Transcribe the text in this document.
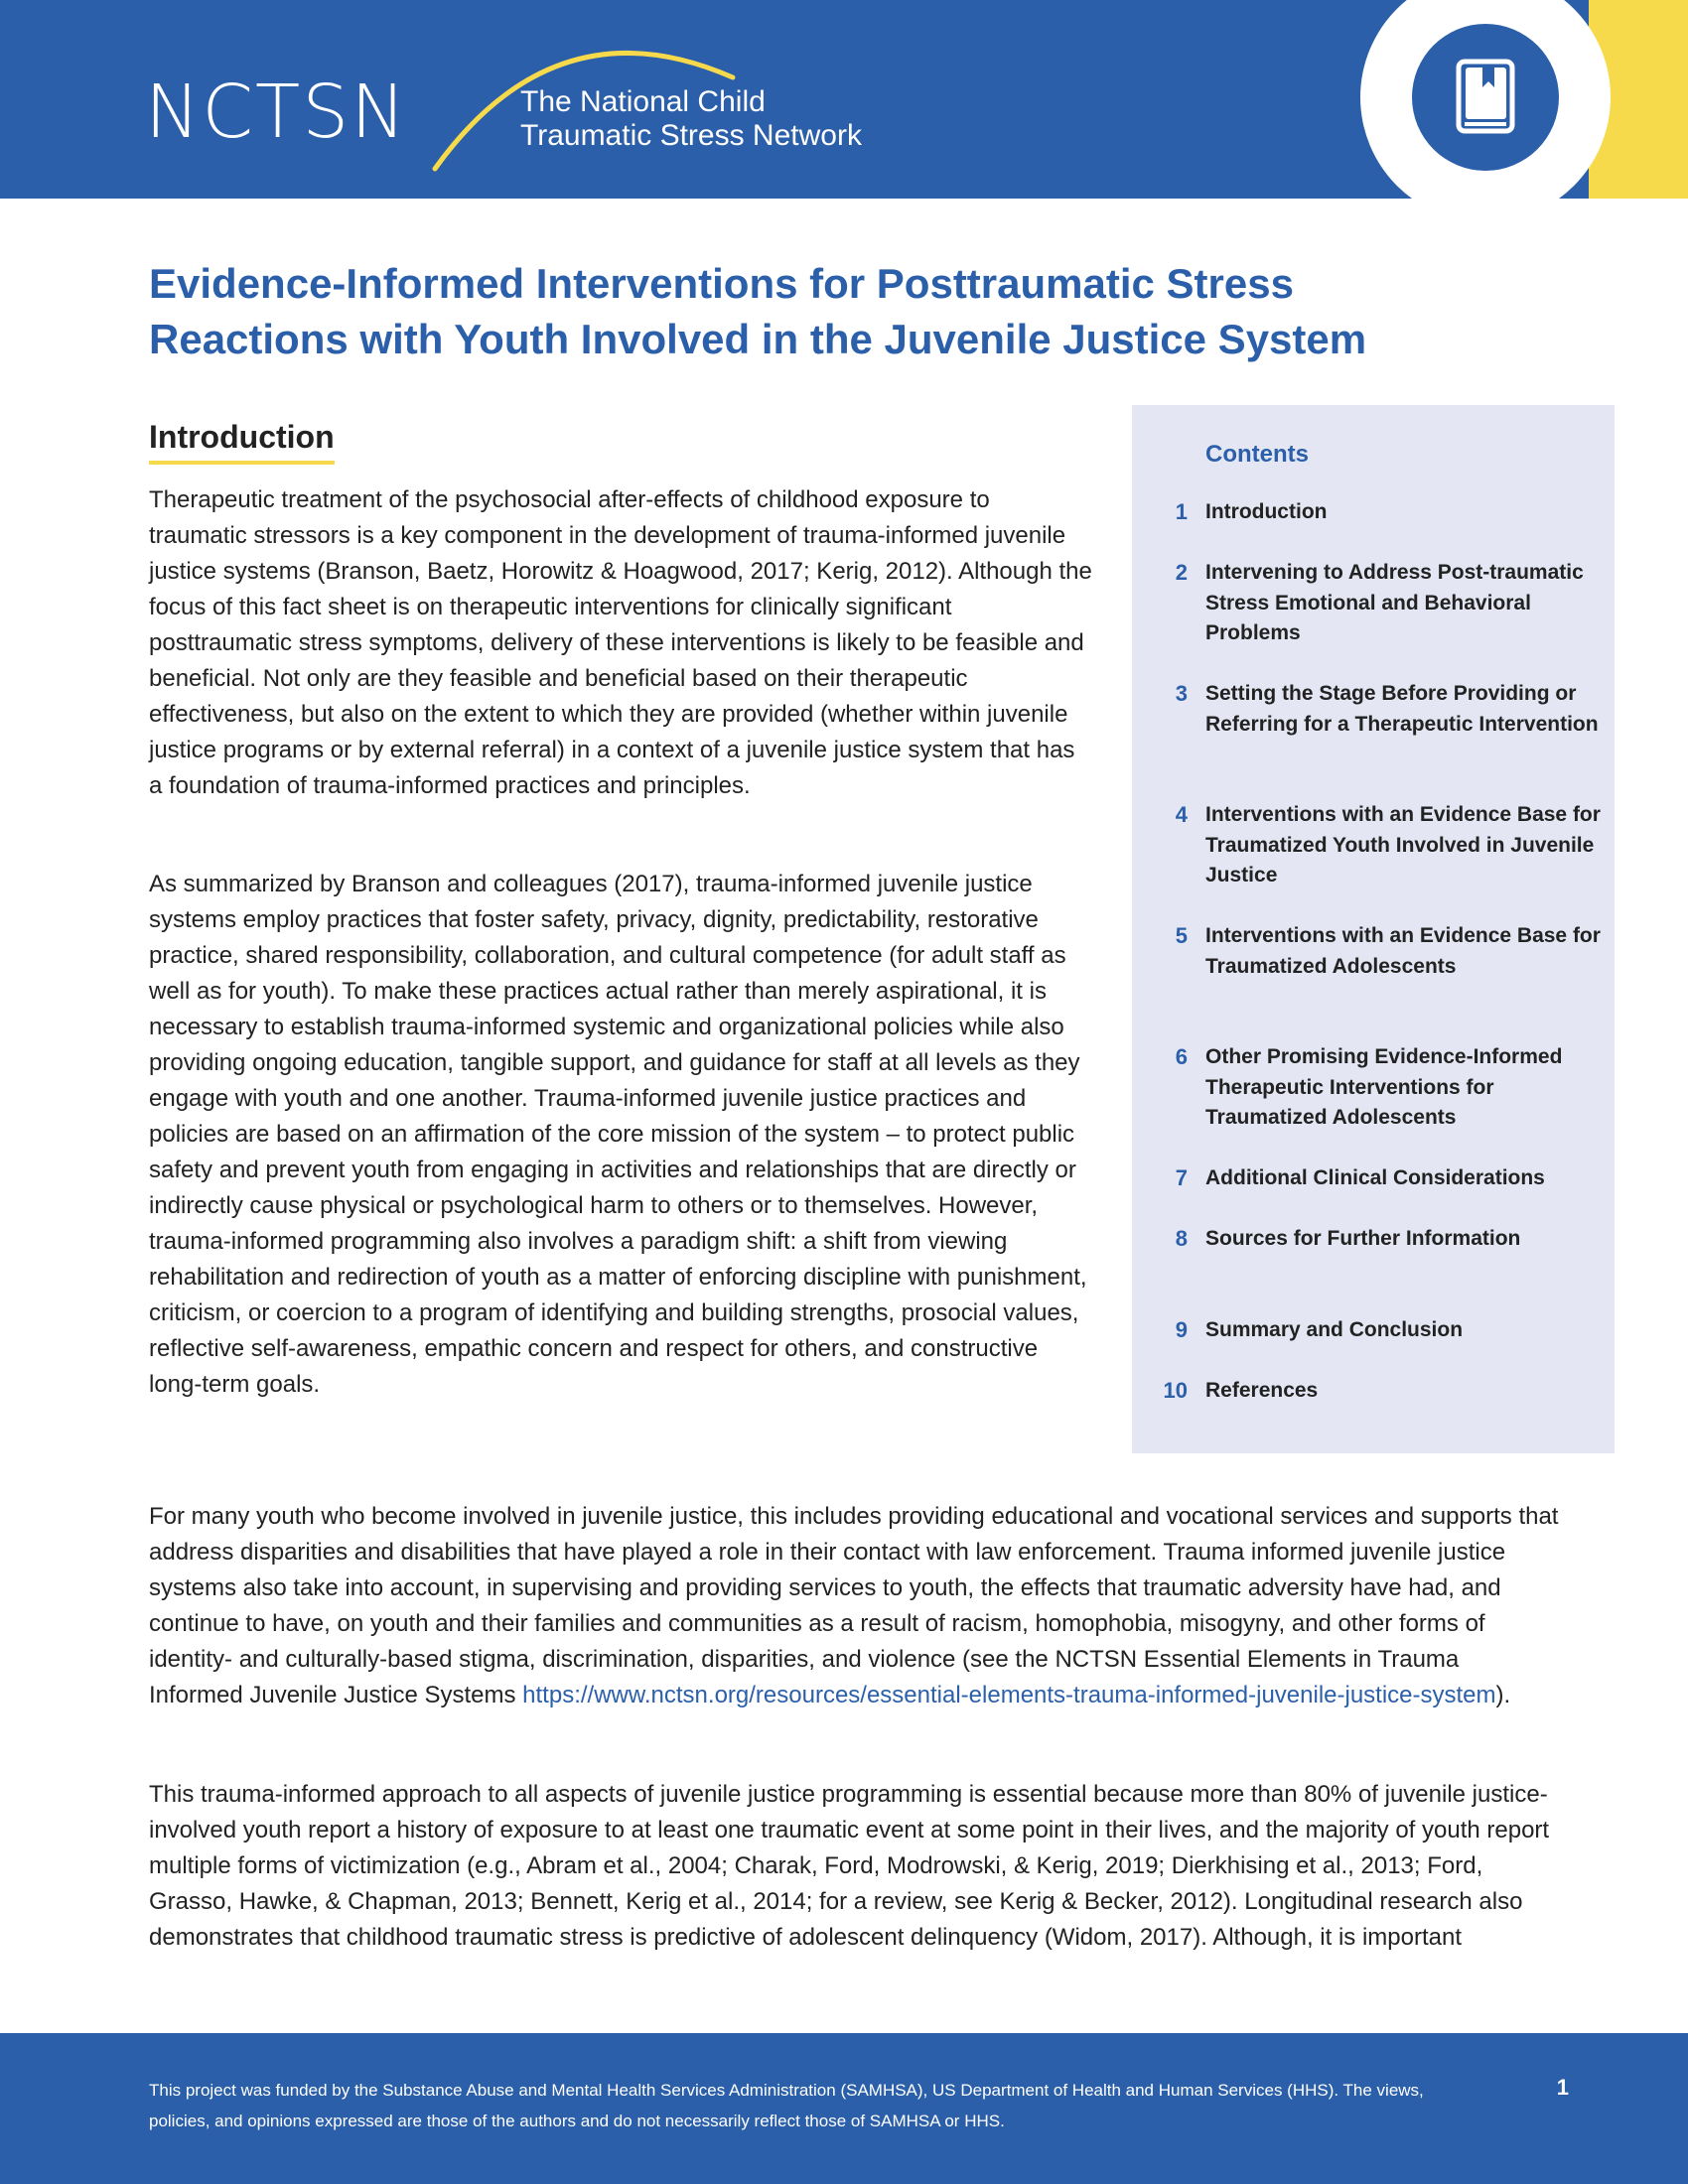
NCTSN	The National Child
Traumatic Stress Network
Evidence-Informed Interventions for Posttraumatic Stress
Reactions with Youth Involved in the Juvenile Justice System
Introduction

Therapeutic treatment of the psychosocial after-effects of childhood exposure to traumatic stressors is a key component in the development of trauma-informed juvenile justice systems (Branson, Baetz, Horowitz & Hoagwood, 2017; Kerig, 2012). Although the focus of this fact sheet is on therapeutic interventions for clinically significant posttraumatic stress symptoms, delivery of these interventions is likely to be feasible and beneficial. Not only are they feasible and beneficial based on their therapeutic effectiveness, but also on the extent to which they are provided (whether within juvenile justice programs or by external referral) in a context of a juvenile justice system that has a foundation of trauma-informed practices and principles.

As summarized by Branson and colleagues (2017), trauma-informed juvenile justice systems employ practices that foster safety, privacy, dignity, predictability, restorative practice, shared responsibility, collaboration, and cultural competence (for adult staff as well as for youth). To make these practices actual rather than merely aspirational, it is necessary to establish trauma-informed systemic and organizational policies while also providing ongoing education, tangible support, and guidance for staff at all levels as they engage with youth and one another. Trauma-informed juvenile justice practices and policies are based on an affirmation of the core mission of the system – to protect public safety and prevent youth from engaging in activities and relationships that are directly or indirectly cause physical or psychological harm to others or to themselves. However, trauma-informed programming also involves a paradigm shift: a shift from viewing rehabilitation and redirection of youth as a matter of enforcing discipline with punishment, criticism, or coercion to a program of identifying and building strengths, prosocial values, reflective self-awareness, empathic concern and respect for others, and constructive long-term goals.

For many youth who become involved in juvenile justice, this includes providing educational and vocational services and supports that address disparities and disabilities that have played a role in their contact with law enforcement. Trauma informed juvenile justice systems also take into account, in supervising and providing services to youth, the effects that traumatic adversity have had, and continue to have, on youth and their families and communities as a result of racism, homophobia, misogyny, and other forms of identity- and culturally-based stigma, discrimination, disparities, and violence (see the NCTSN Essential Elements in Trauma Informed Juvenile Justice Systems https://www.nctsn.org/resources/essential-elements-trauma-informed-juvenile-justice-system).

This trauma-informed approach to all aspects of juvenile justice programming is essential because more than 80% of juvenile justice-involved youth report a history of exposure to at least one traumatic event at some point in their lives, and the majority of youth report multiple forms of victimization (e.g., Abram et al., 2004; Charak, Ford, Modrowski, & Kerig, 2019; Dierkhising et al., 2013; Ford, Grasso, Hawke, & Chapman, 2013; Bennett, Kerig et al., 2014; for a review, see Kerig & Becker, 2012). Longitudinal research also demonstrates that childhood traumatic stress is predictive of adolescent delinquency (Widom, 2017). Although, it is important

Contents
1 Introduction
2 Intervening to Address Post-traumatic Stress Emotional and Behavioral Problems
3 Setting the Stage Before Providing or Referring for a Therapeutic Intervention
4 Interventions with an Evidence Base for Traumatized Youth Involved in Juvenile Justice
5 Interventions with an Evidence Base for Traumatized Adolescents
6 Other Promising Evidence-Informed Therapeutic Interventions for Traumatized Adolescents
7 Additional Clinical Considerations
8 Sources for Further Information
9 Summary and Conclusion
10 References

This project was funded by the Substance Abuse and Mental Health Services Administration (SAMHSA), US Department of Health and Human Services (HHS). The views, policies, and opinions expressed are those of the authors and do not necessarily reflect those of SAMHSA or HHS.

1
